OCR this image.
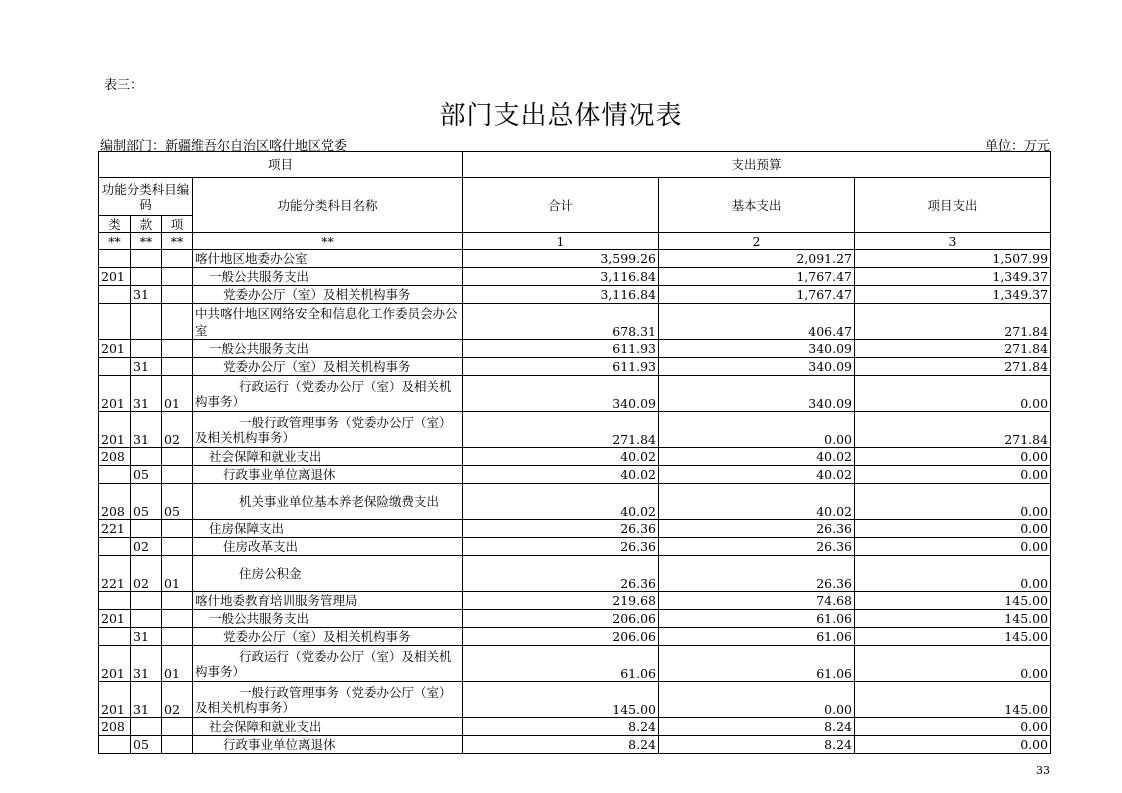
表三：
部门支出总体情况表
编制部门：新疆维吾尔自治区喀什地区党委	单位：万元
项目				支出预算		
功能分类科目编码			功能分类科目名称	合计	基本支出	项目支出
类	款	项				
**	**	**	**	1	2	3
			喀什地区地委办公室	3,599.26	2,091.27	1,507.99
201			一般公共服务支出	3,116.84	1,767.47	1,349.37
	31		党委办公厅（室）及相关机构事务	3,116.84	1,767.47	1,349.37
			中共喀什地区网络安全和信息化工作委员会办公室	678.31	406.47	271.84
201			一般公共服务支出	611.93	340.09	271.84
	31		党委办公厅（室）及相关机构事务	611.93	340.09	271.84
201	31	01	行政运行（党委办公厅（室）及相关机构事务）	340.09	340.09	0.00
201	31	02	一般行政管理事务（党委办公厅（室）及相关机构事务）	271.84	0.00	271.84
208			社会保障和就业支出	40.02	40.02	0.00
	05		行政事业单位离退休	40.02	40.02	0.00
208	05	05	机关事业单位基本养老保险缴费支出	40.02	40.02	0.00
221			住房保障支出	26.36	26.36	0.00
	02		住房改革支出	26.36	26.36	0.00
221	02	01	住房公积金	26.36	26.36	0.00
			喀什地委教育培训服务管理局	219.68	74.68	145.00
201			一般公共服务支出	206.06	61.06	145.00
	31		党委办公厅（室）及相关机构事务	206.06	61.06	145.00
201	31	01	行政运行（党委办公厅（室）及相关机构事务）	61.06	61.06	0.00
201	31	02	一般行政管理事务（党委办公厅（室）及相关机构事务）	145.00	0.00	145.00
208			社会保障和就业支出	8.24	8.24	0.00
	05		行政事业单位离退休	8.24	8.24	0.00
33
